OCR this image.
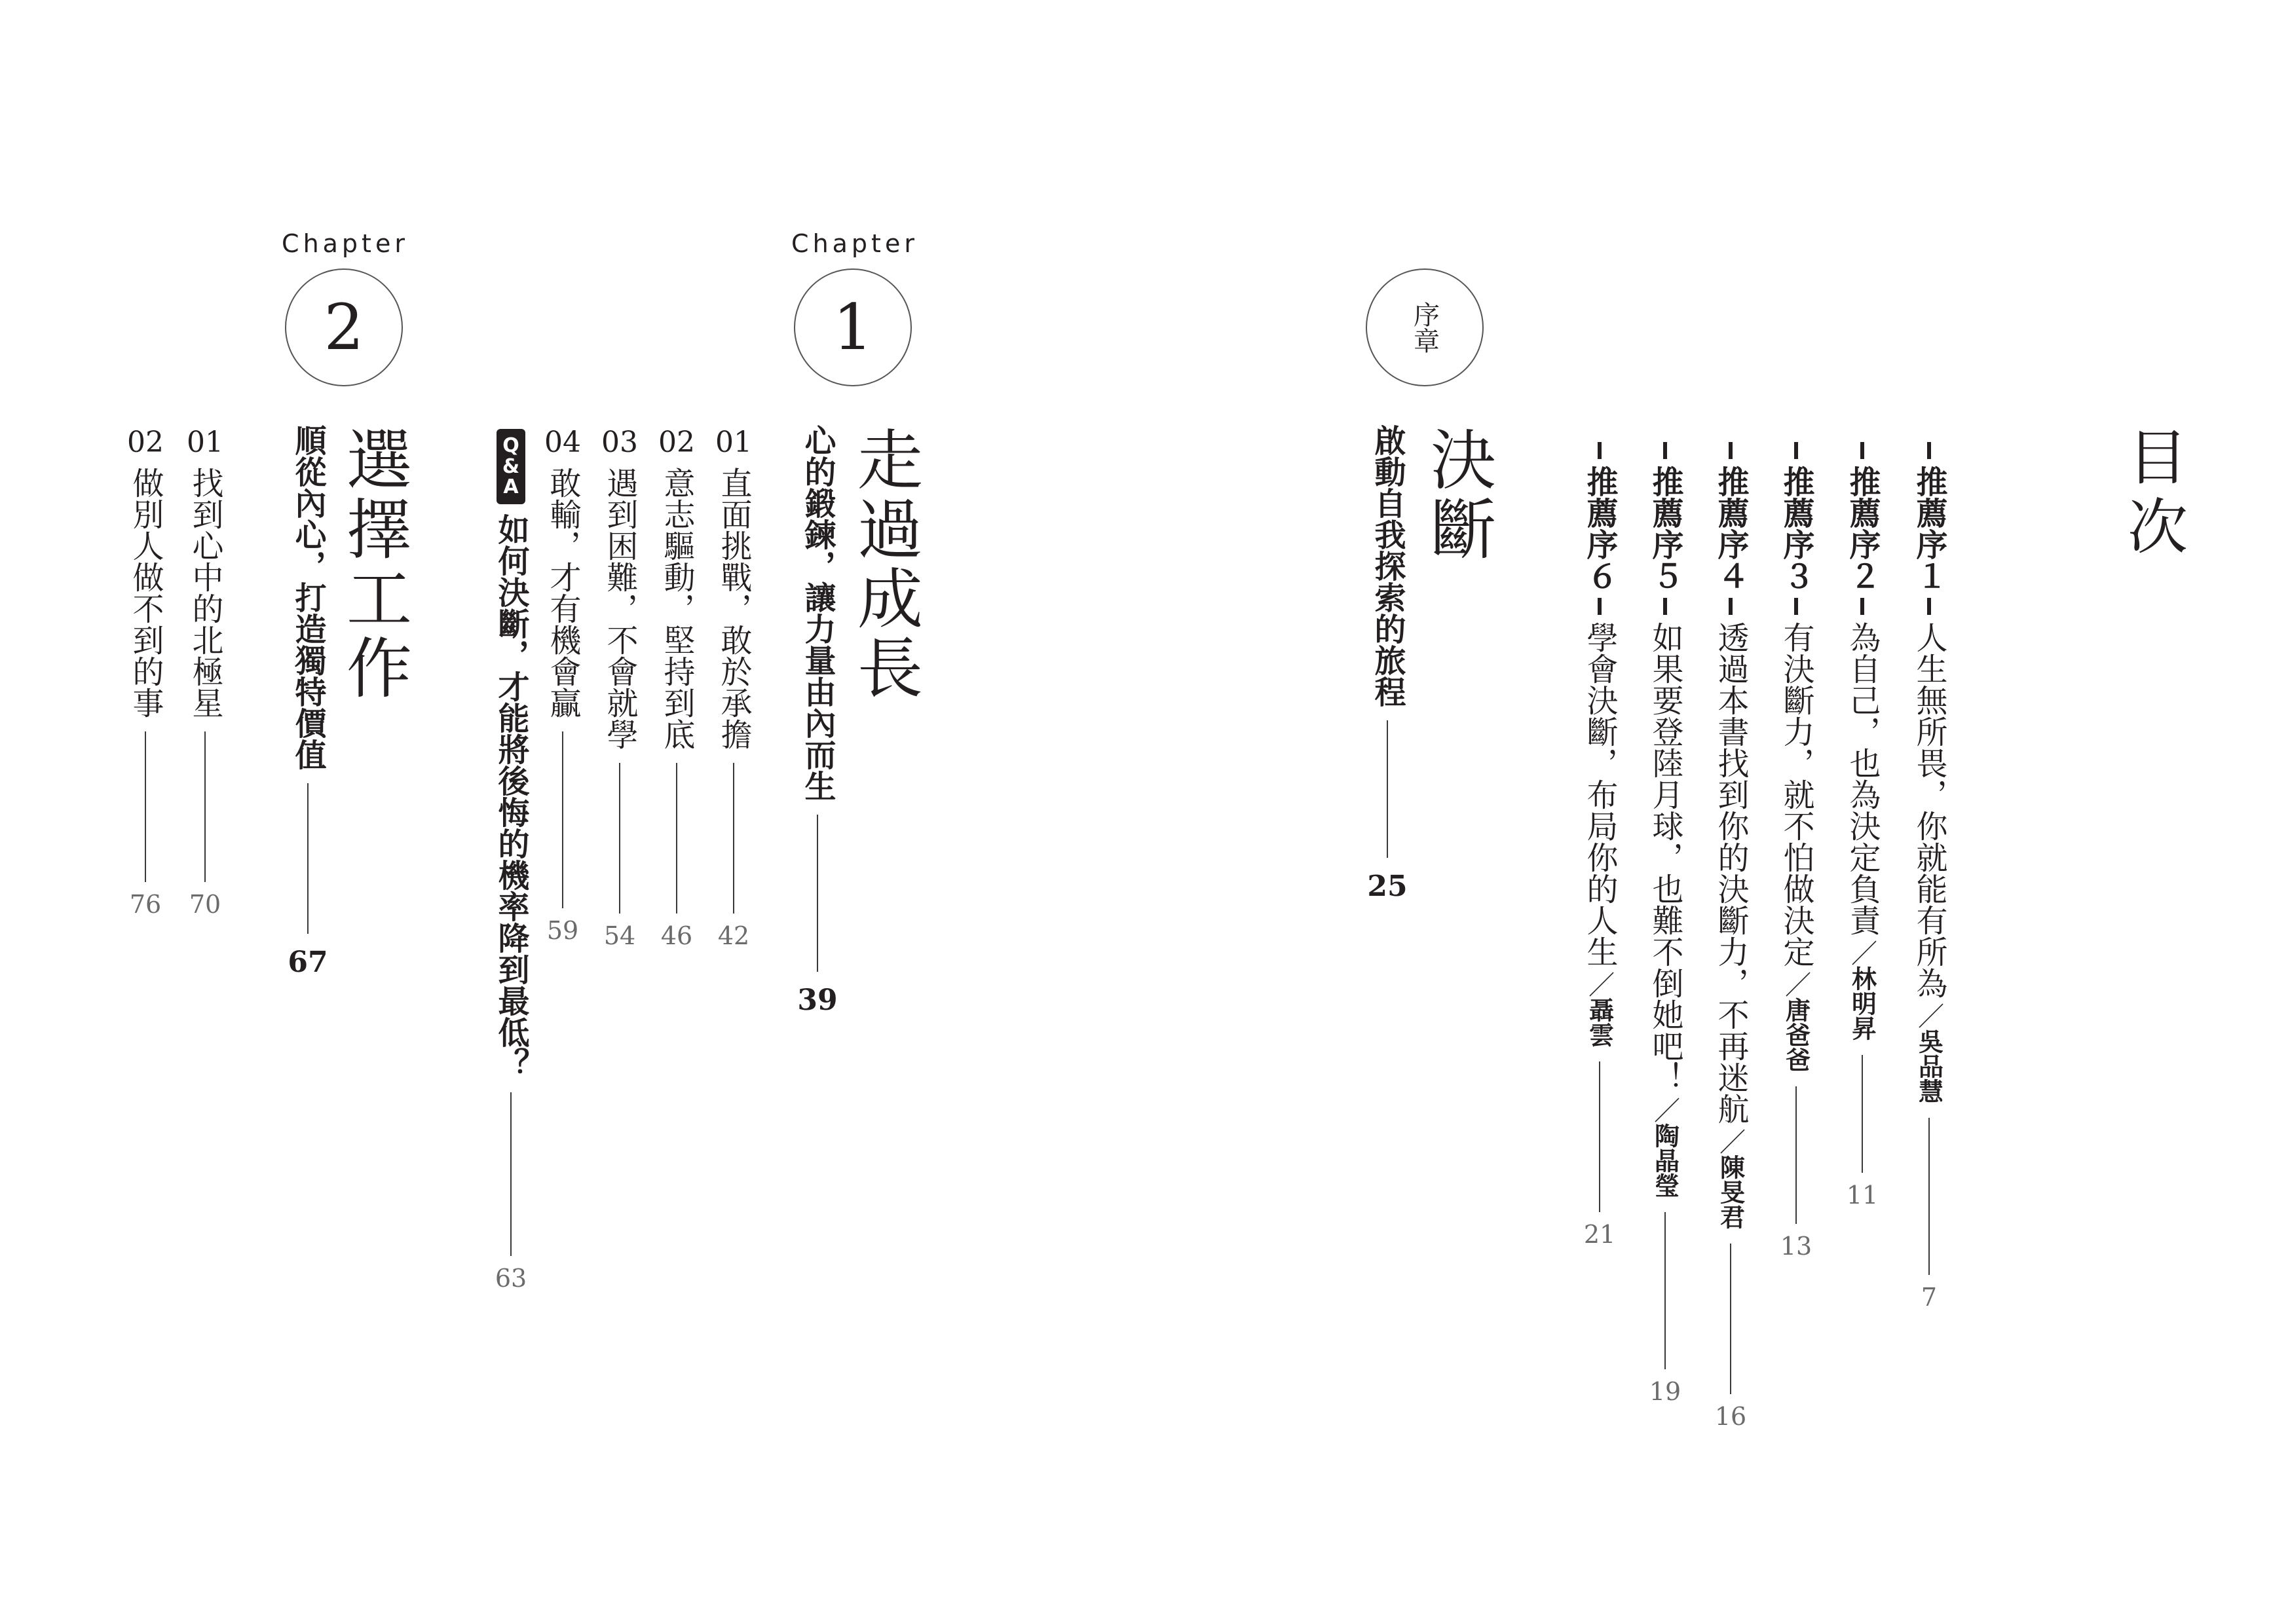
目次
推薦序１
人生無所畏，你就能有所為
／
吳品慧
7
推薦序２
為自己，也為決定負責
／
林明昇
11
推薦序３
有決斷力，就不怕做決定
／
唐爸爸
13
推薦序４
透過本書找到你的決斷力，不再迷航
／
陳旻君
16
推薦序５
如果要登陸月球，也難不倒她吧！
／
陶晶瑩
19
推薦序６
學會決斷，布局你的人生
／
聶雲
21
序章
決斷
啟動自我探索的旅程
25
Chapter
1
走過成長
心的鍛鍊，讓力量由內而生
39
01
直面挑戰，敢於承擔
42
02
意志驅動，堅持到底
46
03
遇到困難，不會就學
54
04
敢輸，才有機會贏
59
Q
&
A
如何決斷，才能將後悔的機率降到最低？
63
Chapter
2
選擇工作
順從內心，打造獨特價值
67
01
找到心中的北極星
70
02
做別人做不到的事
76
